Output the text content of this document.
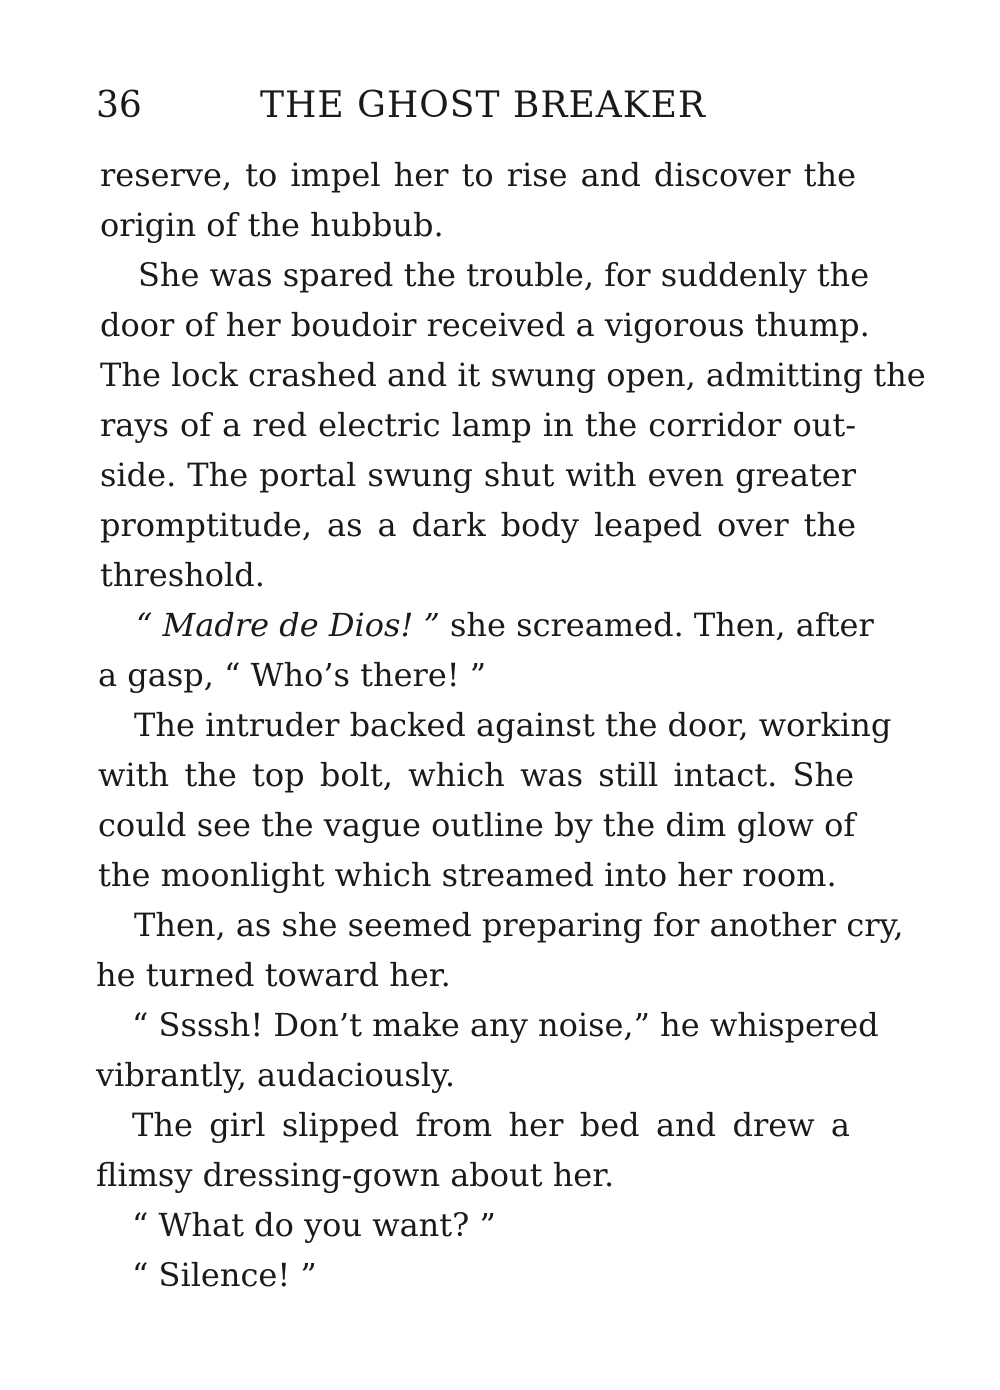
36	THE GHOST BREAKER
reserve, to impel her to rise and discover the
origin of the hubbub.
She was spared the trouble, for suddenly the
door of her boudoir received a vigorous thump.
The lock crashed and it swung open, admitting the
rays of a red electric lamp in the corridor out-
side. The portal swung shut with even greater
promptitude, as a dark body leaped over the
threshold.
“ Madre de Dios! ” she screamed. Then, after
a gasp, “ Who’s there! ”
The intruder backed against the door, working
with the top bolt, which was still intact. She
could see the vague outline by the dim glow of
the moonlight which streamed into her room.
Then, as she seemed preparing for another cry,
he turned toward her.
“ Ssssh! Don’t make any noise,” he whispered
vibrantly, audaciously.
The girl slipped from her bed and drew a
flimsy dressing-gown about her.
“ What do you want? ”
“ Silence! ”
